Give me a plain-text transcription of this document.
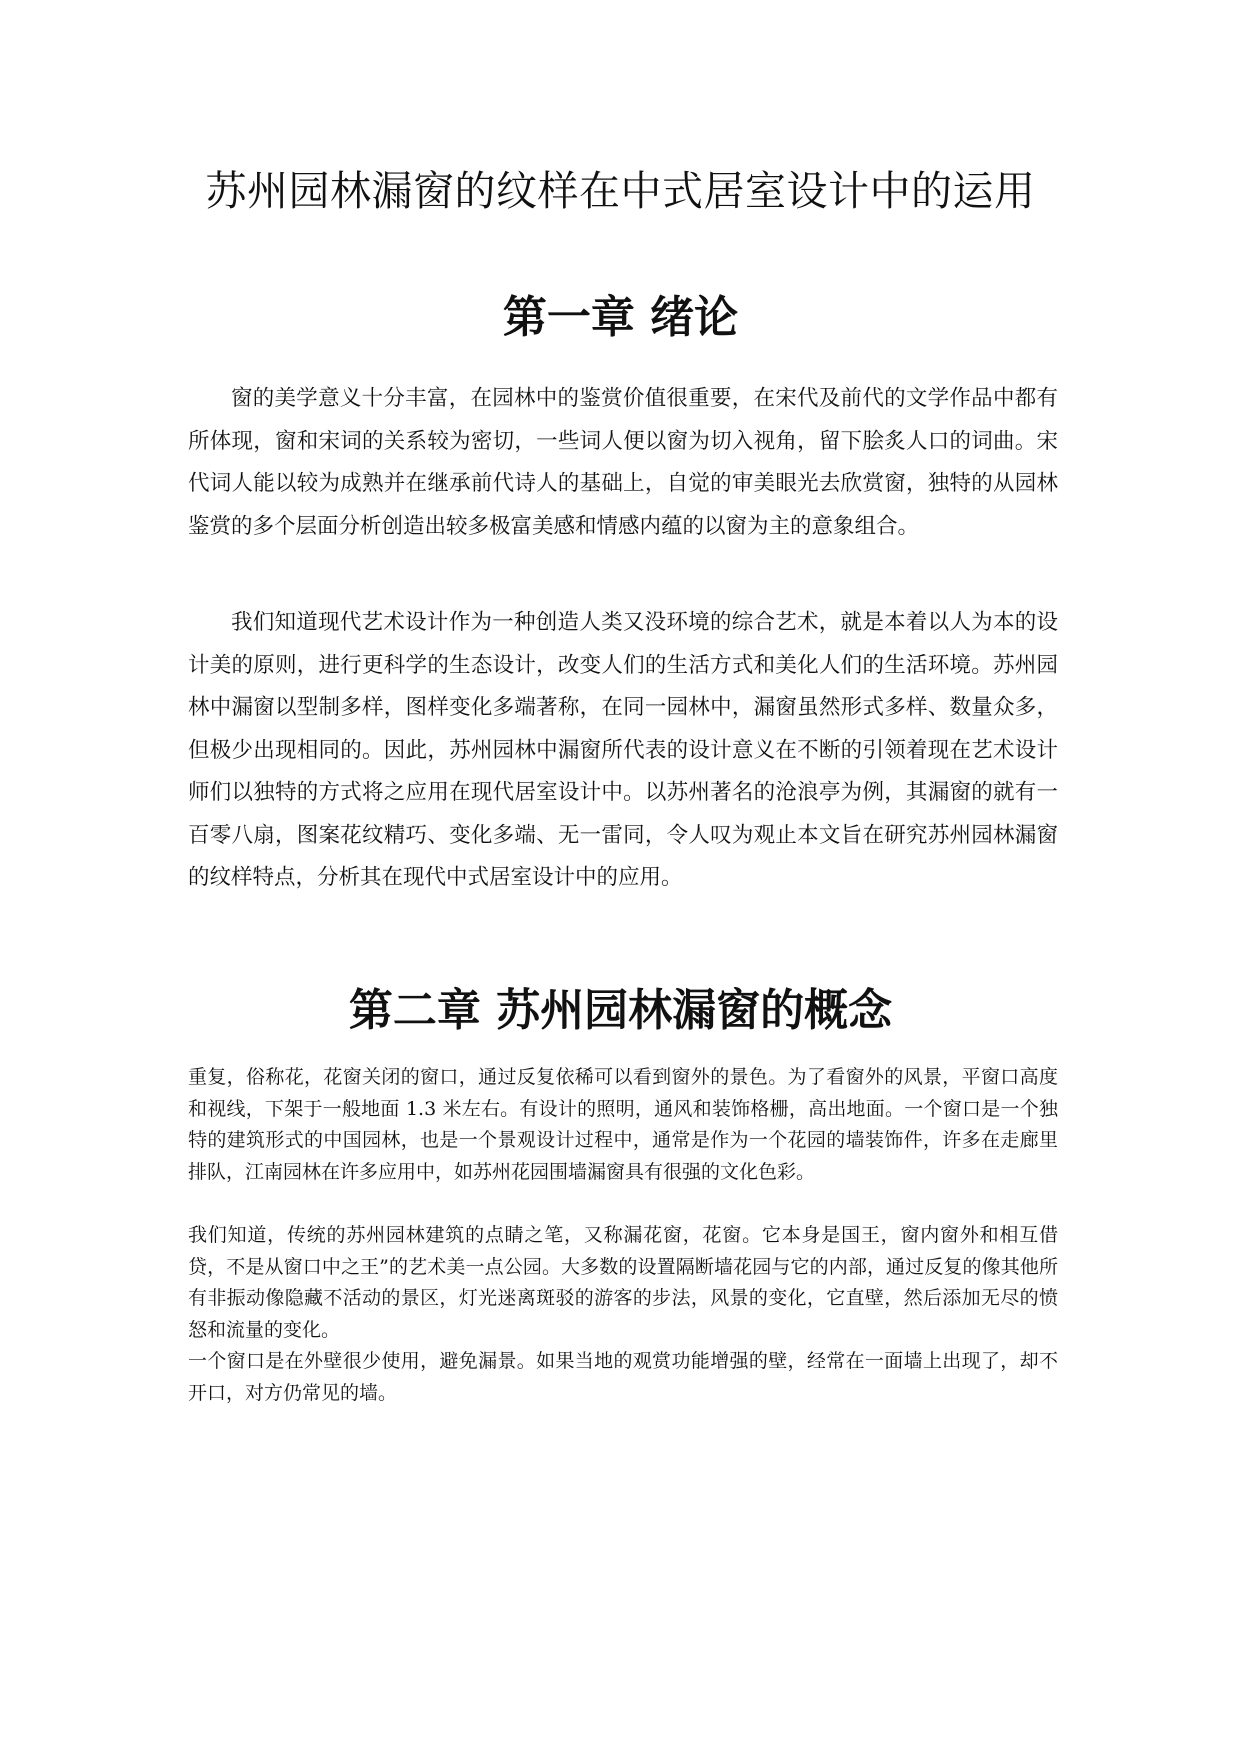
苏州园林漏窗的纹样在中式居室设计中的运用
第一章 绪论

窗的美学意义十分丰富，在园林中的鉴赏价值很重要，在宋代及前代的文学作品中都有所体现，窗和宋词的关系较为密切，一些词人便以窗为切入视角，留下脍炙人口的词曲。宋代词人能以较为成熟并在继承前代诗人的基础上，自觉的审美眼光去欣赏窗，独特的从园林鉴赏的多个层面分析创造出较多极富美感和情感内蕴的以窗为主的意象组合。

我们知道现代艺术设计作为一种创造人类又没环境的综合艺术，就是本着以人为本的设计美的原则，进行更科学的生态设计，改变人们的生活方式和美化人们的生活环境。苏州园林中漏窗以型制多样，图样变化多端著称，在同一园林中，漏窗虽然形式多样、数量众多，但极少出现相同的。因此，苏州园林中漏窗所代表的设计意义在不断的引领着现在艺术设计师们以独特的方式将之应用在现代居室设计中。以苏州著名的沧浪亭为例，其漏窗的就有一百零八扇，图案花纹精巧、变化多端、无一雷同，令人叹为观止本文旨在研究苏州园林漏窗的纹样特点，分析其在现代中式居室设计中的应用。

第二章 苏州园林漏窗的概念

重复，俗称花，花窗关闭的窗口，通过反复依稀可以看到窗外的景色。为了看窗外的风景，平窗口高度和视线，下架于一般地面 1.3 米左右。有设计的照明，通风和装饰格栅，高出地面。一个窗口是一个独特的建筑形式的中国园林，也是一个景观设计过程中，通常是作为一个花园的墙装饰件，许多在走廊里排队，江南园林在许多应用中，如苏州花园围墙漏窗具有很强的文化色彩。

我们知道，传统的苏州园林建筑的点睛之笔，又称漏花窗，花窗。它本身是国王，窗内窗外和相互借贷，不是从窗口中之王”的艺术美一点公园。大多数的设置隔断墙花园与它的内部，通过反复的像其他所有非振动像隐藏不活动的景区，灯光迷离斑驳的游客的步法，风景的变化，它直壁，然后添加无尽的愤怒和流量的变化。

一个窗口是在外壁很少使用，避免漏景。如果当地的观赏功能增强的壁，经常在一面墙上出现了，却不开口，对方仍常见的墙。
